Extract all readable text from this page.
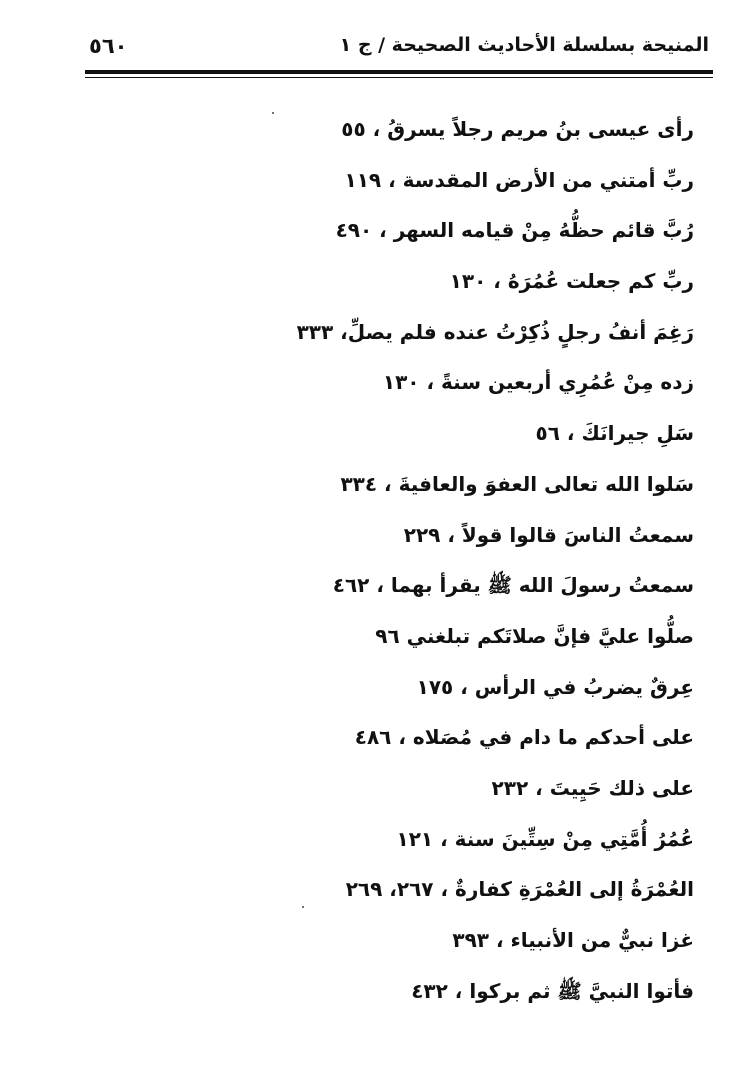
٥٦٠	المنيحة بسلسلة الأحاديث الصحيحة / ج ١
رأى عيسى بنُ مريم رجلاً يسرقُ ، ٥٥
ربِّ أمتني من الأرض المقدسة ، ١١٩
رُبَّ قائم حظُّهُ مِنْ قيامه السهر ، ٤٩٠
ربِّ كم جعلت عُمُرَهُ ، ١٣٠
رَغِمَ أنفُ رجلٍ ذُكِرْتُ عنده فلم يصلِّ، ٣٣٣
زده مِنْ عُمُرِي أربعين سنةً ، ١٣٠
سَلِ جيرانَكَ ، ٥٦
سَلوا الله تعالى العفوَ والعافيةَ ، ٣٣٤
سمعتُ الناسَ قالوا قولاً ، ٢٢٩
سمعتُ رسولَ الله ﷺ يقرأ بهما ، ٤٦٢
صلُّوا عليَّ فإنَّ صلاتَكم تبلغني ٩٦
عِرقٌ يضربُ في الرأس ، ١٧٥
على أحدكم ما دام في مُصَلاه ، ٤٨٦
على ذلك حَيِيتَ ، ٢٣٢
عُمُرُ أُمَّتِي مِنْ سِتِّينَ سنة ، ١٢١
العُمْرَةُ إلى العُمْرَةِ كفارةٌ ، ٢٦٧، ٢٦٩
غزا نبيٌّ من الأنبياء ، ٣٩٣
فأتوا النبيَّ ﷺ ثم بركوا ، ٤٣٢
